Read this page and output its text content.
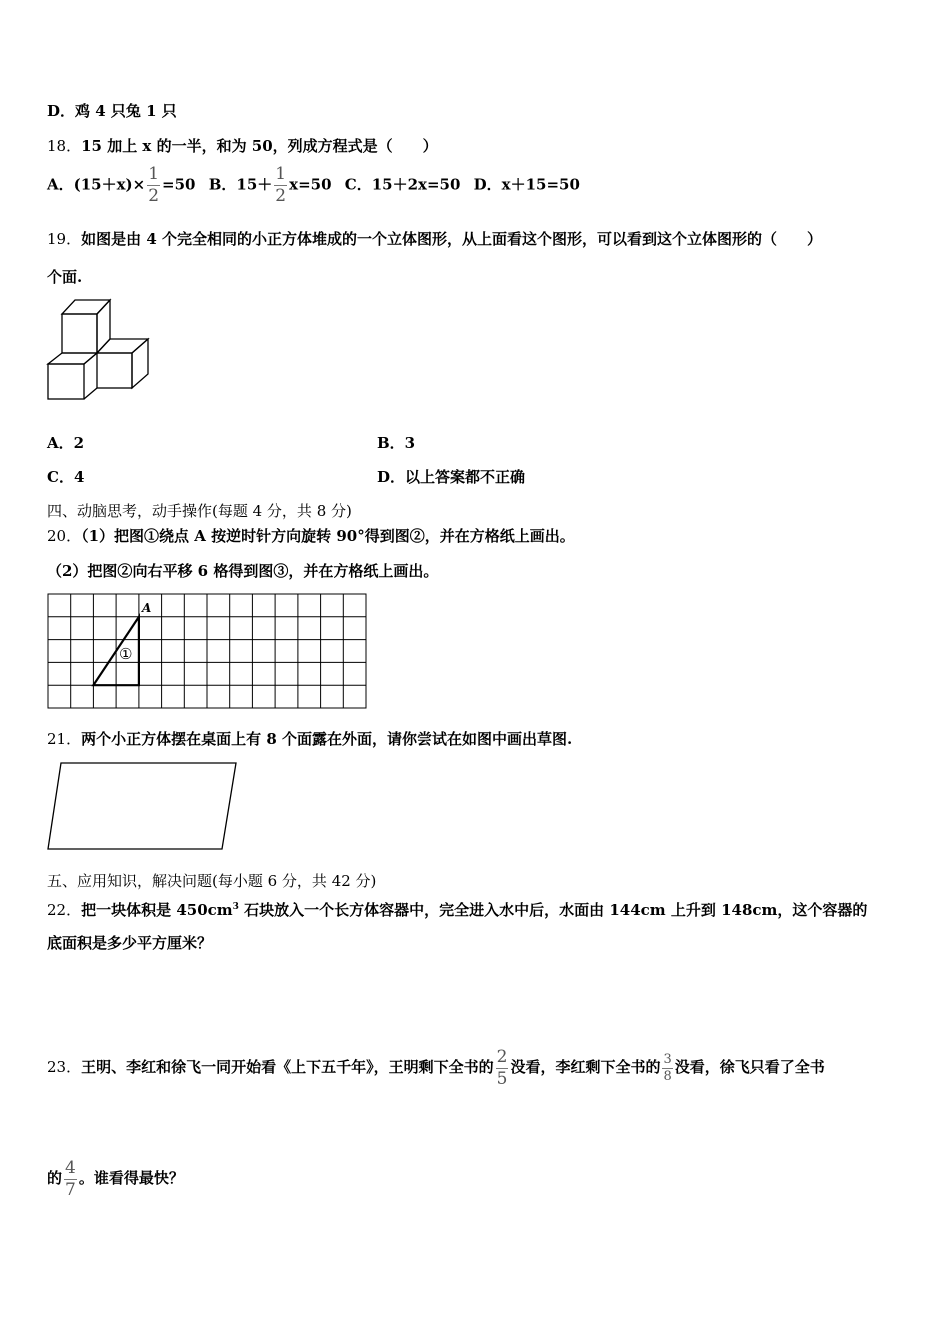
D．鸡 4 只兔 1 只
18．15 加上 x 的一半，和为 50，列成方程式是（　　）
A．$(15+x)\times \frac{1}{2} =50$ B．$15+ \frac{1}{2} x=50$ C．15＋2x=50 D．x＋15=50
19．如图是由 4 个完全相同的小正方体堆成的一个立体图形，从上面看这个图形，可以看到这个立体图形的（　　）
个面.
A．2	B．3
C．4	D．以上答案都不正确
四、动脑思考，动手操作(每题 4 分，共 8 分)
20．（1）把图①绕点 A 按逆时针方向旋转 90°得到图②，并在方格纸上画出。
（2）把图②向右平移 6 格得到图③，并在方格纸上画出。
A
①
21．两个小正方体摆在桌面上有 8 个面露在外面，请你尝试在如图中画出草图.
五、应用知识，解决问题(每小题 6 分，共 42 分)
22．把一块体积是 $450cm^3$ 石块放入一个长方体容器中，完全进入水中后，水面由 144cm 上升到 148cm，这个容器的
底面积是多少平方厘米？
23．王明、李红和徐飞一同开始看《上下五千年》，王明剩下全书的 $\frac{2}{5}$ 没看，李红剩下全书的 $\frac{3}{8}$ 没看，徐飞只看了全书
的 $\frac{4}{7}$ 。谁看得最快？
